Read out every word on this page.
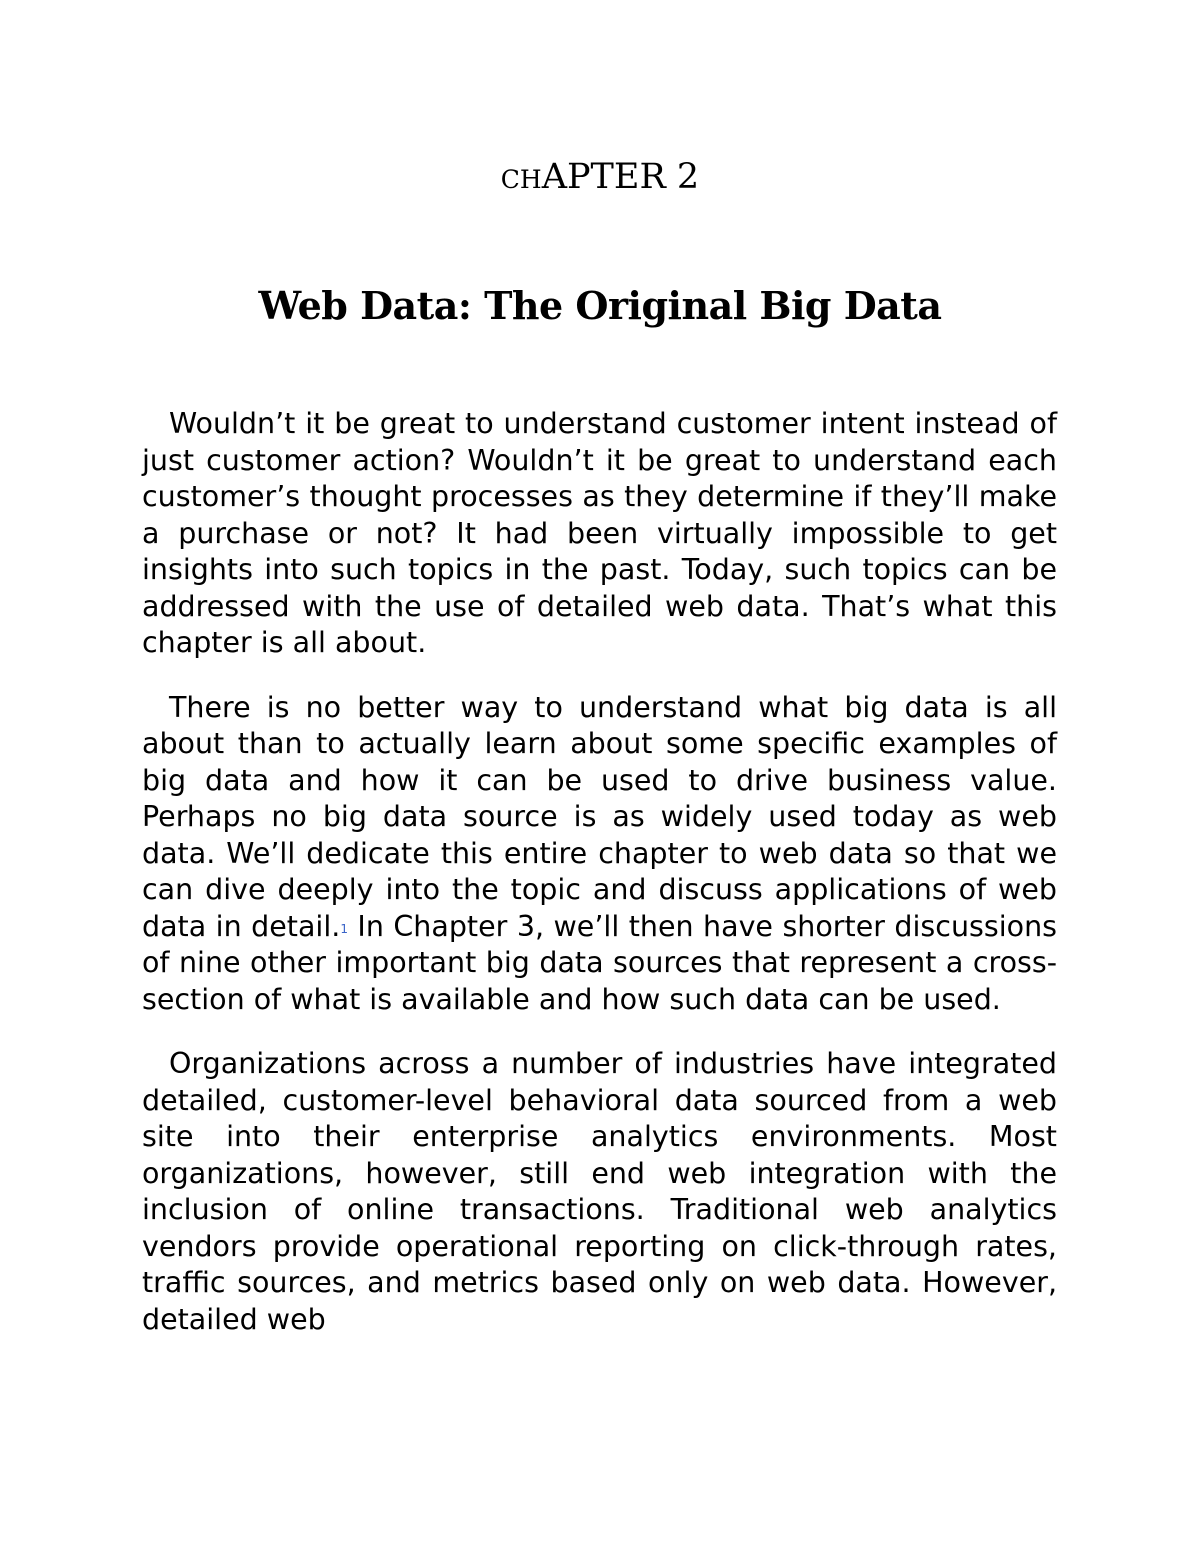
CHAPTER 2
Web Data: The Original Big Data

Wouldn’t it be great to understand customer intent instead of just customer action? Wouldn’t it be great to understand each customer’s thought processes as they determine if they’ll make a purchase or not? It had been virtually impossible to get insights into such topics in the past. Today, such topics can be addressed with the use of detailed web data. That’s what this chapter is all about.

There is no better way to understand what big data is all about than to actually learn about some specific examples of big data and how it can be used to drive business value. Perhaps no big data source is as widely used today as web data. We’ll dedicate this entire chapter to web data so that we can dive deeply into the topic and discuss applications of web data in detail.$^1$ In Chapter 3, we’ll then have shorter discussions of nine other important big data sources that represent a cross-section of what is available and how such data can be used.

Organizations across a number of industries have integrated detailed, customer-level behavioral data sourced from a web site into their enterprise analytics environments. Most organizations, however, still end web integration with the inclusion of online transactions. Traditional web analytics vendors provide operational reporting on click-through rates, traffic sources, and metrics based only on web data. However, detailed web
